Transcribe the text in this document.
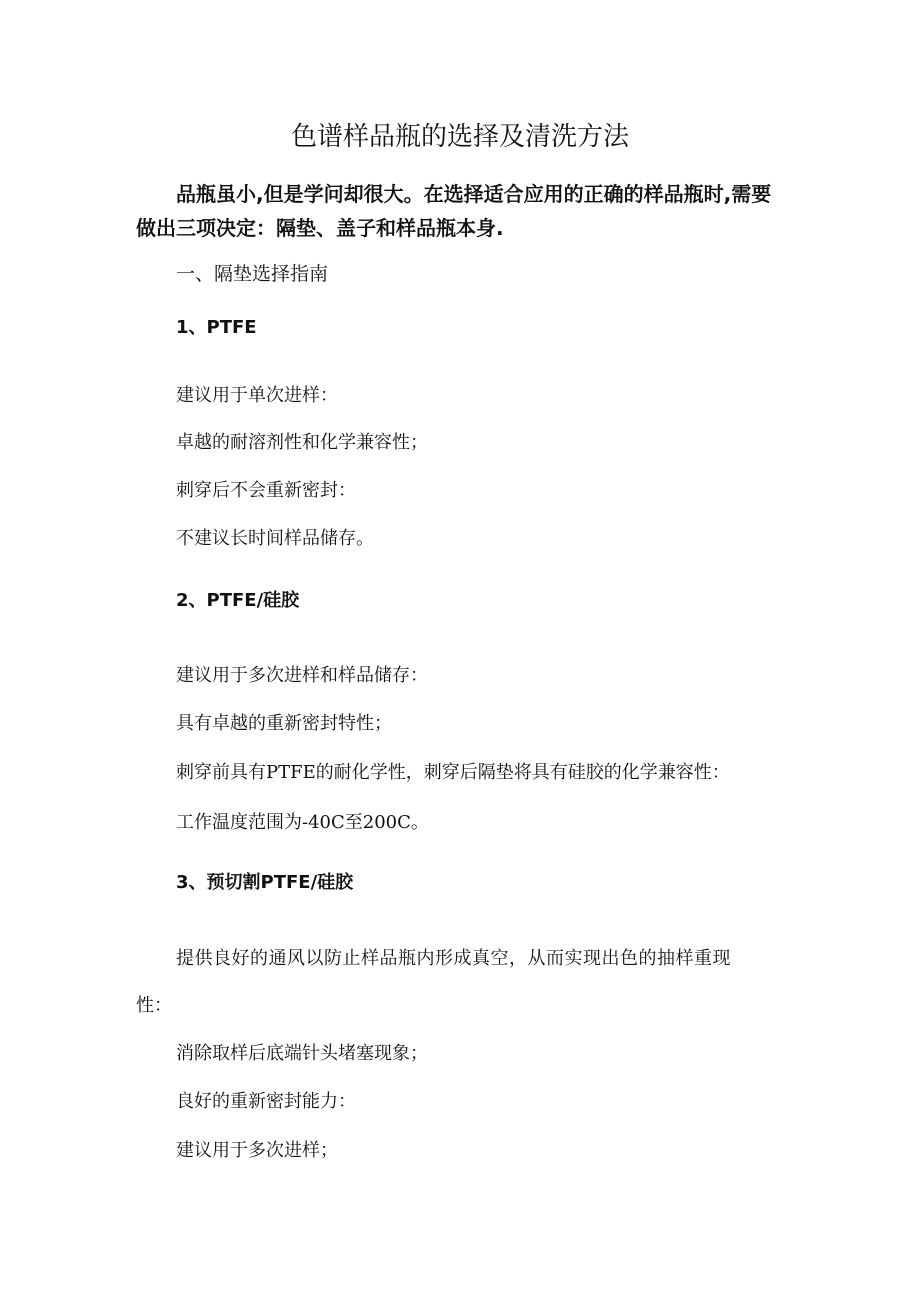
色谱样品瓶的选择及清洗方法
品瓶虽小,但是学问却很大。在选择适合应用的正确的样品瓶时,需要
做出三项决定：隔垫、盖子和样品瓶本身.
一、隔垫选择指南
1、PTFE
建议用于单次进样：
卓越的耐溶剂性和化学兼容性；
刺穿后不会重新密封：
不建议长时间样品储存。
2、PTFE/硅胶
建议用于多次进样和样品储存：
具有卓越的重新密封特性；
刺穿前具有PTFE的耐化学性，刺穿后隔垫将具有硅胶的化学兼容性：
工作温度范围为-40C至200C。
3、预切割PTFE/硅胶
提供良好的通风以防止样品瓶内形成真空，从而实现出色的抽样重现
性：
消除取样后底端针头堵塞现象；
良好的重新密封能力：
建议用于多次进样；
